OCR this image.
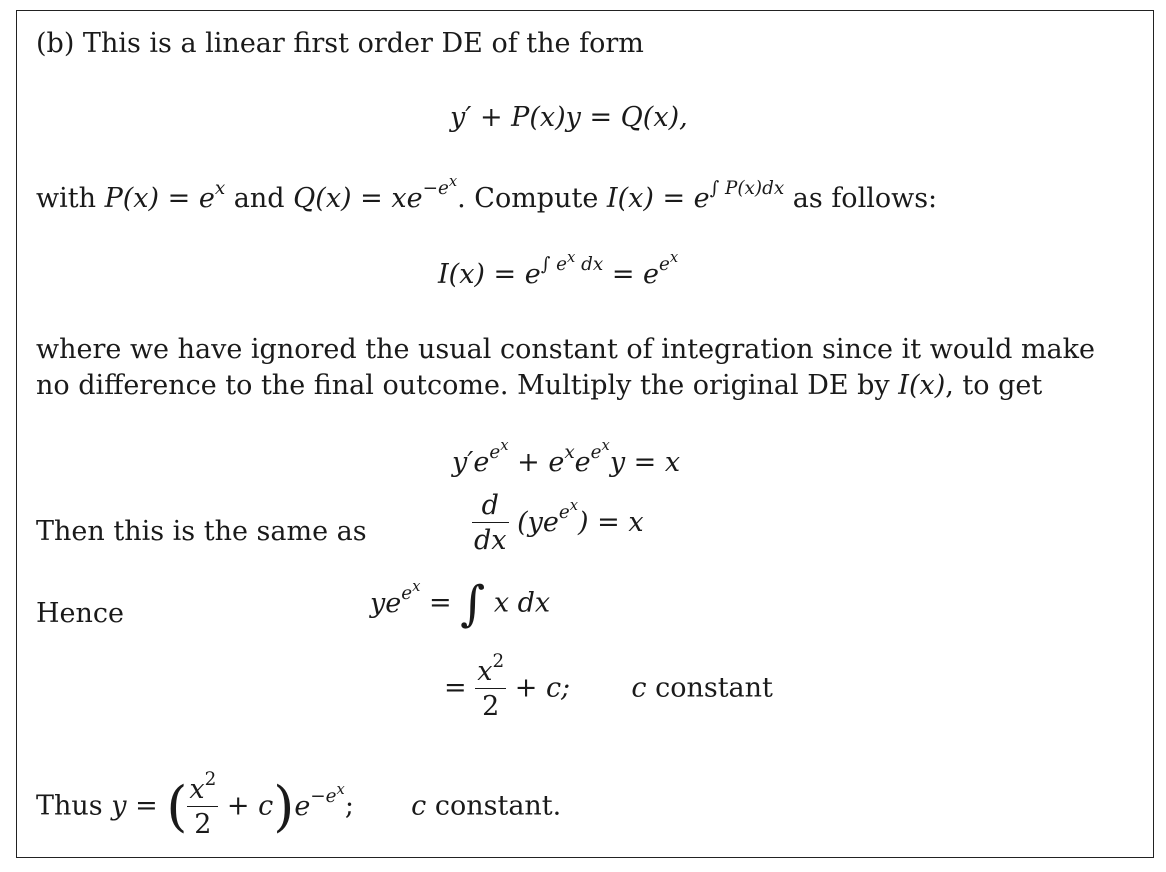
(b) This is a linear first order DE of the form
y′ + P(x)y = Q(x),
with $P(x) = e^x$ and $Q(x) = xe^{-e^x}$. Compute $I(x) = e^{\int P(x)dx}$ as follows:
$I(x) = e^{\int e^x dx} = e^{e^x}$
where we have ignored the usual constant of integration since it would make
no difference to the final outcome. Multiply the original DE by I(x), to get
$y'e^{e^x} + e^xe^{e^x}y = x$
Then this is the same as	$\frac{d}{dx} (ye^{e^x}) = x$
Hence	$ye^{e^x}$ = ∫ x dx
= $\frac{x^2}{2} + c$; c constant
Thus y = ( $\frac{x^2}{2} + c)e^{-e^x}$; c constant.
